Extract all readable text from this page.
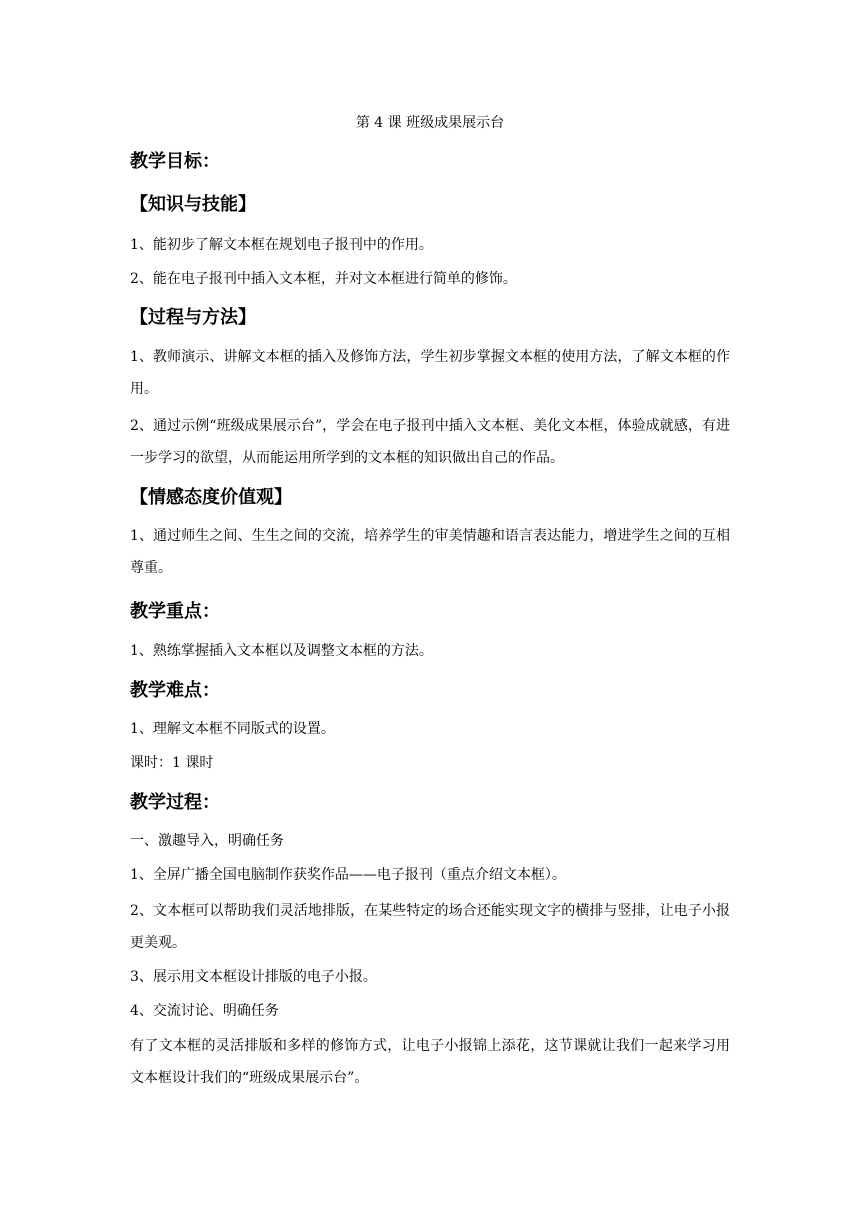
第 4 课 班级成果展示台
教学目标：
【知识与技能】
1、能初步了解文本框在规划电子报刊中的作用。
2、能在电子报刊中插入文本框，并对文本框进行简单的修饰。
【过程与方法】
1、教师演示、讲解文本框的插入及修饰方法，学生初步掌握文本框的使用方法，了解文本框的作用。
2、通过示例“班级成果展示台”，学会在电子报刊中插入文本框、美化文本框，体验成就感，有进一步学习的欲望，从而能运用所学到的文本框的知识做出自己的作品。
【情感态度价值观】
1、通过师生之间、生生之间的交流，培养学生的审美情趣和语言表达能力，增进学生之间的互相尊重。
教学重点：
1、熟练掌握插入文本框以及调整文本框的方法。
教学难点：
1、理解文本框不同版式的设置。
课时：1 课时
教学过程：
一、激趣导入，明确任务
1、全屏广播全国电脑制作获奖作品——电子报刊（重点介绍文本框）。
2、文本框可以帮助我们灵活地排版，在某些特定的场合还能实现文字的横排与竖排，让电子小报更美观。
3、展示用文本框设计排版的电子小报。
4、交流讨论、明确任务
有了文本框的灵活排版和多样的修饰方式，让电子小报锦上添花，这节课就让我们一起来学习用文本框设计我们的“班级成果展示台”。
